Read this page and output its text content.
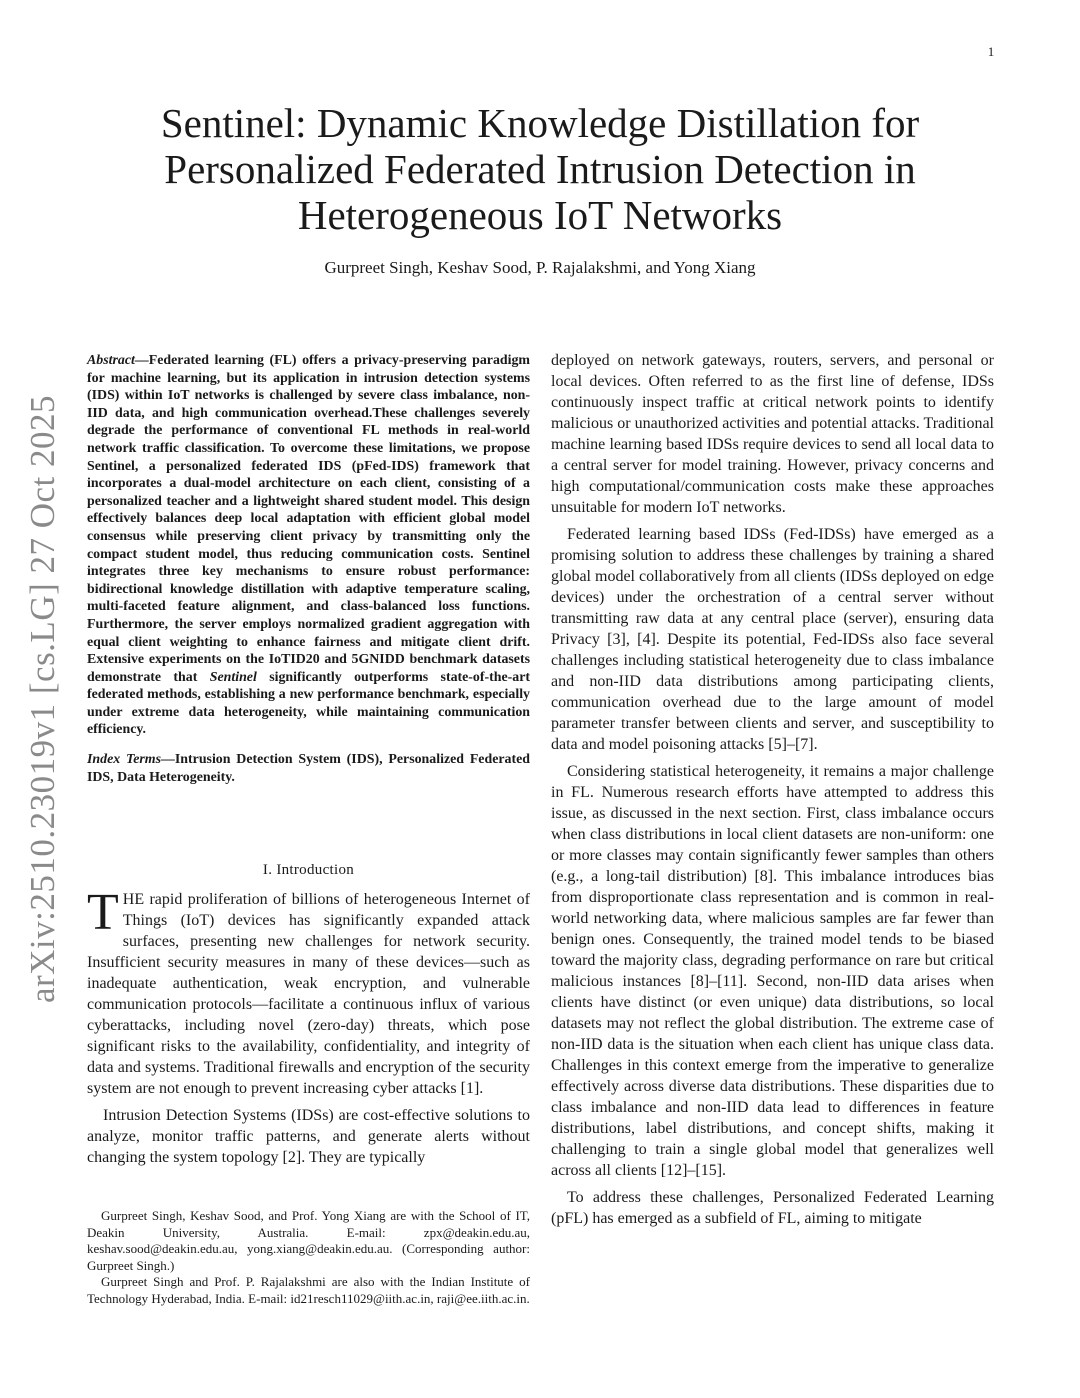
1
arXiv:2510.23019v1 [cs.LG] 27 Oct 2025
Sentinel: Dynamic Knowledge Distillation for Personalized Federated Intrusion Detection in Heterogeneous IoT Networks
Gurpreet Singh, Keshav Sood, P. Rajalakshmi, and Yong Xiang

Abstract—Federated learning (FL) offers a privacy-preserving paradigm for machine learning, but its application in intrusion detection systems (IDS) within IoT networks is challenged by severe class imbalance, non-IID data, and high communication overhead.These challenges severely degrade the performance of conventional FL methods in real-world network traffic classification. To overcome these limitations, we propose Sentinel, a personalized federated IDS (pFed-IDS) framework that incorporates a dual-model architecture on each client, consisting of a personalized teacher and a lightweight shared student model. This design effectively balances deep local adaptation with efficient global model consensus while preserving client privacy by transmitting only the compact student model, thus reducing communication costs. Sentinel integrates three key mechanisms to ensure robust performance: bidirectional knowledge distillation with adaptive temperature scaling, multi-faceted feature alignment, and class-balanced loss functions. Furthermore, the server employs normalized gradient aggregation with equal client weighting to enhance fairness and mitigate client drift. Extensive experiments on the IoTID20 and 5GNIDD benchmark datasets demonstrate that Sentinel significantly outperforms state-of-the-art federated methods, establishing a new performance benchmark, especially under extreme data heterogeneity, while maintaining communication efficiency.

Index Terms—Intrusion Detection System (IDS), Personalized Federated IDS, Data Heterogeneity.

I. Introduction

THE rapid proliferation of billions of heterogeneous Internet of Things (IoT) devices has significantly expanded attack surfaces, presenting new challenges for network security. Insufficient security measures in many of these devices—such as inadequate authentication, weak encryption, and vulnerable communication protocols—facilitate a continuous influx of various cyberattacks, including novel (zero-day) threats, which pose significant risks to the availability, confidentiality, and integrity of data and systems. Traditional firewalls and encryption of the security system are not enough to prevent increasing cyber attacks [1].

Intrusion Detection Systems (IDSs) are cost-effective solutions to analyze, monitor traffic patterns, and generate alerts without changing the system topology [2]. They are typically

Gurpreet Singh, Keshav Sood, and Prof. Yong Xiang are with the School of IT, Deakin University, Australia. E-mail: zpx@deakin.edu.au, keshav.sood@deakin.edu.au, yong.xiang@deakin.edu.au. (Corresponding author: Gurpreet Singh.)

Gurpreet Singh and Prof. P. Rajalakshmi are also with the Indian Institute of Technology Hyderabad, India. E-mail: id21resch11029@iith.ac.in, raji@ee.iith.ac.in.

deployed on network gateways, routers, servers, and personal or local devices. Often referred to as the first line of defense, IDSs continuously inspect traffic at critical network points to identify malicious or unauthorized activities and potential attacks. Traditional machine learning based IDSs require devices to send all local data to a central server for model training. However, privacy concerns and high computational/communication costs make these approaches unsuitable for modern IoT networks.

Federated learning based IDSs (Fed-IDSs) have emerged as a promising solution to address these challenges by training a shared global model collaboratively from all clients (IDSs deployed on edge devices) under the orchestration of a central server without transmitting raw data at any central place (server), ensuring data Privacy [3], [4]. Despite its potential, Fed-IDSs also face several challenges including statistical heterogeneity due to class imbalance and non-IID data distributions among participating clients, communication overhead due to the large amount of model parameter transfer between clients and server, and susceptibility to data and model poisoning attacks [5]–[7].

Considering statistical heterogeneity, it remains a major challenge in FL. Numerous research efforts have attempted to address this issue, as discussed in the next section. First, class imbalance occurs when class distributions in local client datasets are non-uniform: one or more classes may contain significantly fewer samples than others (e.g., a long-tail distribution) [8]. This imbalance introduces bias from disproportionate class representation and is common in real-world networking data, where malicious samples are far fewer than benign ones. Consequently, the trained model tends to be biased toward the majority class, degrading performance on rare but critical malicious instances [8]–[11]. Second, non-IID data arises when clients have distinct (or even unique) data distributions, so local datasets may not reflect the global distribution. The extreme case of non-IID data is the situation when each client has unique class data. Challenges in this context emerge from the imperative to generalize effectively across diverse data distributions. These disparities due to class imbalance and non-IID data lead to differences in feature distributions, label distributions, and concept shifts, making it challenging to train a single global model that generalizes well across all clients [12]–[15].

To address these challenges, Personalized Federated Learning (pFL) has emerged as a subfield of FL, aiming to mitigate
